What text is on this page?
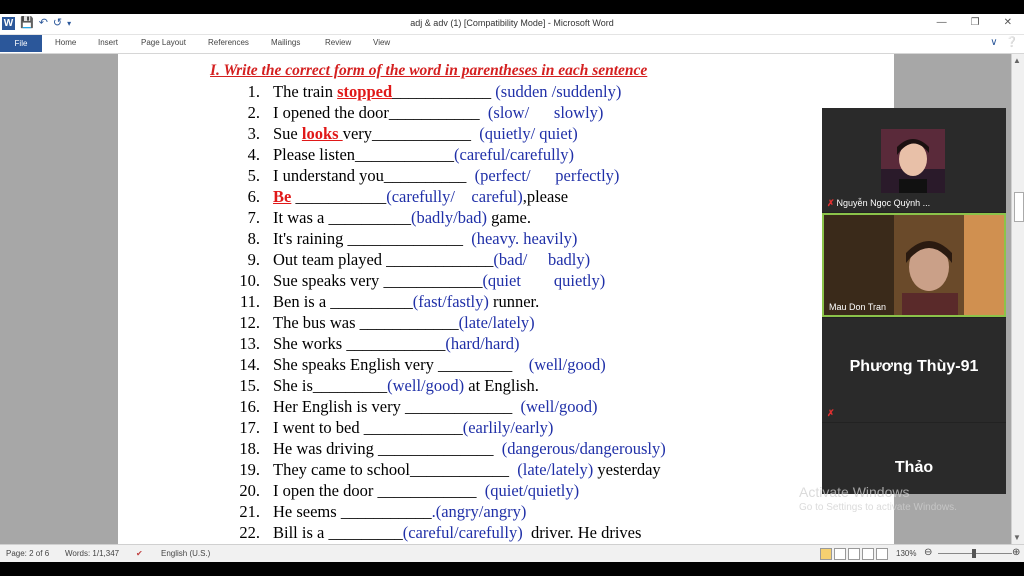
W 💾 ↶ ↺ ▾	adj & adv (1) [Compatibility Mode] - Microsoft Word	— ❐ ✕
File	Home	Insert	Page Layout	References	Mailings	Review	View	∨ ❔
I. Write the correct form of the word in parentheses in each sentence
1. The train stopped____________ (sudden /suddenly)
2. I opened the door___________  (slow/      slowly)
3. Sue looks very____________  (quietly/ quiet)
4. Please listen____________(careful/carefully)
5. I understand you__________  (perfect/      perfectly)
6. Be ___________(carefully/    careful),please
7. It was a __________(badly/bad) game.
8. It's raining ______________  (heavy. heavily)
9. Out team played _____________(bad/     badly)
10. Sue speaks very ____________(quiet        quietly)
11. Ben is a __________(fast/fastly) runner.
12. The bus was ____________(late/lately)
13. She works ____________(hard/hard)
14. She speaks English very _________    (well/good)
15. She is_________(well/good) at English.
16. Her English is very _____________  (well/good)
17. I went to bed ____________(earlily/early)
18. He was driving ______________  (dangerous/dangerously)
19. They came to school____________  (late/lately) yesterday
20. I open the door ____________  (quiet/quietly)
21. He seems ___________.(angry/angry)
22. Bill is a _________(careful/carefully)  driver. He drives
▲
▼
✗ Nguyễn Ngọc Quỳnh ...
Mau Don Tran
Phương Thùy-91
✗
Thảo
Activate Windows
Go to Settings to activate Windows.
Page: 2 of 6 Words: 1/1,347 ✔ English (U.S.)	130% ⊖	⊕
